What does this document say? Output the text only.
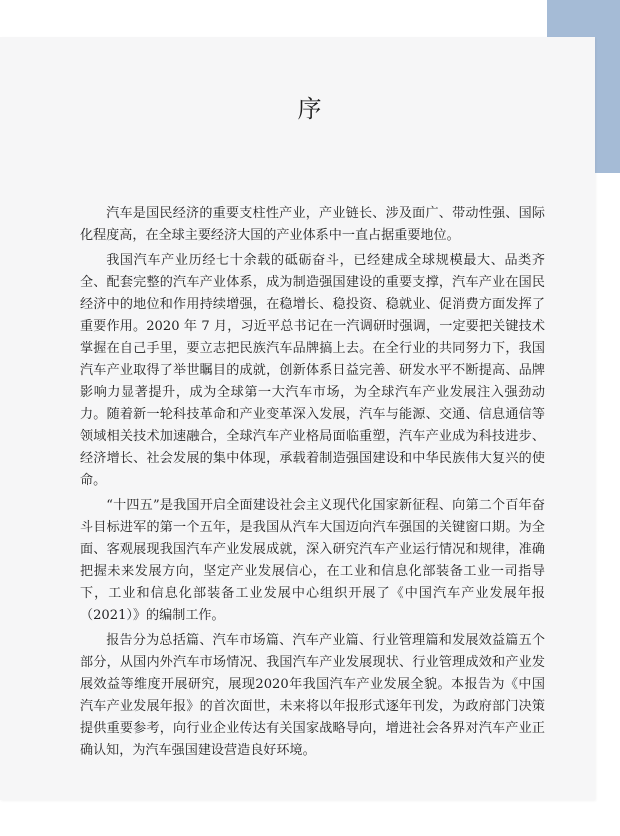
序

汽车是国民经济的重要支柱性产业，产业链长、涉及面广、带动性强、国际化程度高，在全球主要经济大国的产业体系中一直占据重要地位。

我国汽车产业历经七十余载的砥砺奋斗，已经建成全球规模最大、品类齐全、配套完整的汽车产业体系，成为制造强国建设的重要支撑，汽车产业在国民经济中的地位和作用持续增强，在稳增长、稳投资、稳就业、促消费方面发挥了重要作用。2020 年 7 月，习近平总书记在一汽调研时强调，一定要把关键技术掌握在自己手里，要立志把民族汽车品牌搞上去。在全行业的共同努力下，我国汽车产业取得了举世瞩目的成就，创新体系日益完善、研发水平不断提高、品牌影响力显著提升，成为全球第一大汽车市场，为全球汽车产业发展注入强劲动力。随着新一轮科技革命和产业变革深入发展，汽车与能源、交通、信息通信等领域相关技术加速融合，全球汽车产业格局面临重塑，汽车产业成为科技进步、经济增长、社会发展的集中体现，承载着制造强国建设和中华民族伟大复兴的使命。

“十四五”是我国开启全面建设社会主义现代化国家新征程、向第二个百年奋斗目标进军的第一个五年，是我国从汽车大国迈向汽车强国的关键窗口期。为全面、客观展现我国汽车产业发展成就，深入研究汽车产业运行情况和规律，准确把握未来发展方向，坚定产业发展信心，在工业和信息化部装备工业一司指导下，工业和信息化部装备工业发展中心组织开展了《中国汽车产业发展年报（2021）》的编制工作。

报告分为总括篇、汽车市场篇、汽车产业篇、行业管理篇和发展效益篇五个部分，从国内外汽车市场情况、我国汽车产业发展现状、行业管理成效和产业发展效益等维度开展研究，展现2020年我国汽车产业发展全貌。本报告为《中国汽车产业发展年报》的首次面世，未来将以年报形式逐年刊发，为政府部门决策提供重要参考，向行业企业传达有关国家战略导向，增进社会各界对汽车产业正确认知，为汽车强国建设营造良好环境。
